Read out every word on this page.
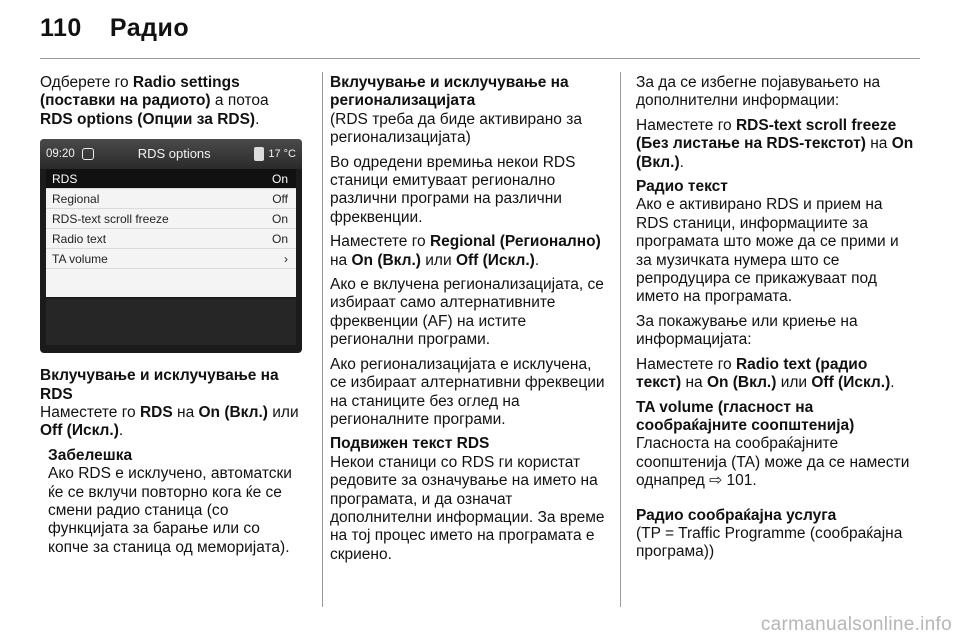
110 Радио

Одберете го Radio settings (поставки на радиото) а потоа RDS options (Опции за RDS).

09:20	RDS options	17 °C
RDS	On
Regional	Off
RDS-text scroll freeze	On
Radio text	On
TA volume	›
Вклучување и исклучување на RDS

Наместете го RDS на On (Вкл.) или Off (Искл.).

Забелешка

Ако RDS е исклучено, автоматски ќе се вклучи повторно кога ќе се смени радио станица (со функцијата за барање или со копче за станица од меморијата).

Вклучување и исклучување на регионализацијата

(RDS треба да биде активирано за регионализацијата)

Во одредени времиња некои RDS станици емитуваат регионално различни програми на различни фреквенции.

Наместете го Regional (Регионално) на On (Вкл.) или Off (Искл.).

Ако е вклучена регионализацијата, се избираат само алтернативните фреквенции (AF) на истите регионални програми.

Ако регионализацијата е исклучена, се избираат алтернативни фреквеции на станиците без оглед на регионалните програми.

Подвижен текст RDS

Некои станици со RDS ги користат редовите за означување на името на програмата, и да означат дополнителни информации. За време на тој процес името на програмата е скриено.

За да се избегне појавувањето на дополнителни информации:

Наместете го RDS-text scroll freeze (Без листање на RDS-текстот) на On (Вкл.).

Радио текст

Ако е активирано RDS и прием на RDS станици, информациите за програмата што може да се прими и за музичката нумера што се репродуцира се прикажуваат под името на програмата.

За покажување или криење на информацијата:

Наместете го Radio text (радио текст) на On (Вкл.) или Off (Искл.).

TA volume (гласност на сообраќајните соопштенија)

Гласноста на сообраќајните соопштенија (TA) може да се намести однапред ⇨ 101.

Радио сообраќајна услуга

(TP = Traffic Programme (сообраќајна програма))

carmanualsonline.info
